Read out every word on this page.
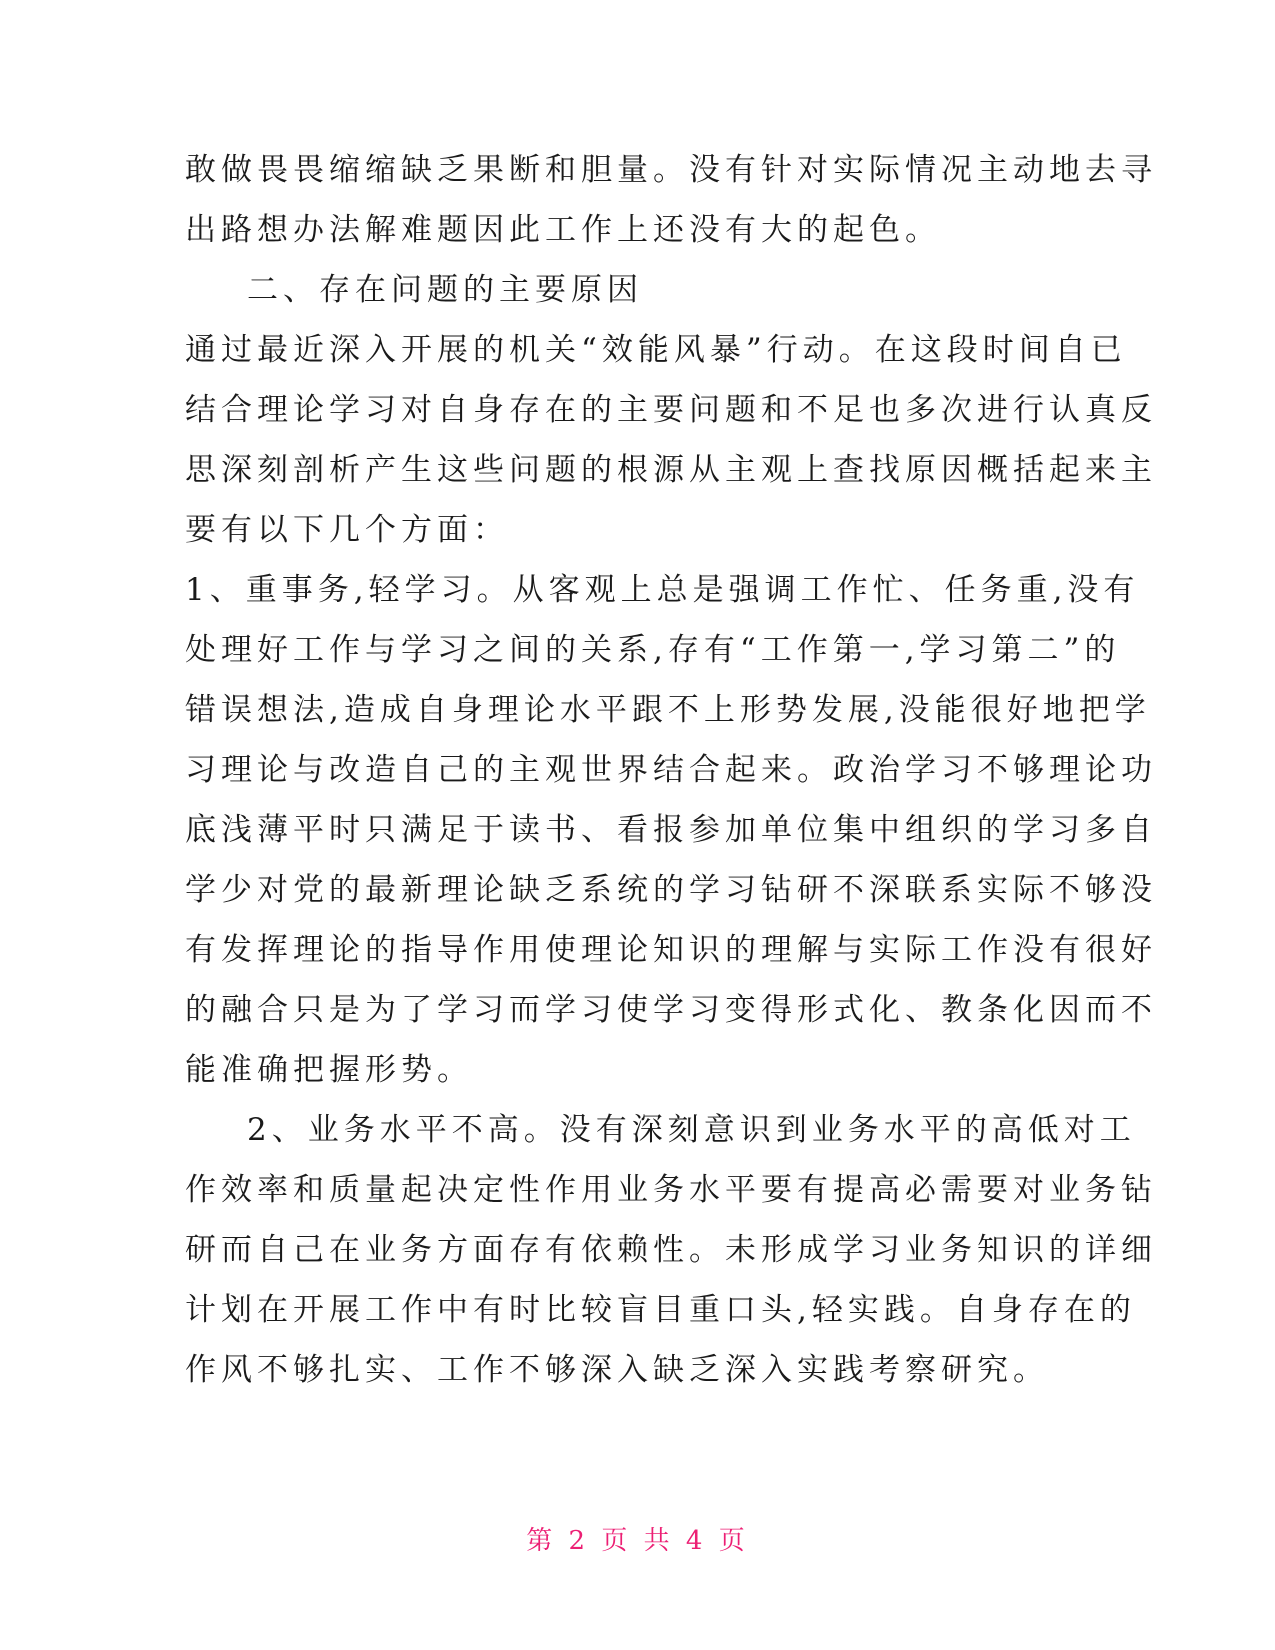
敢做畏畏缩缩缺乏果断和胆量。没有针对实际情况主动地去寻
出路想办法解难题因此工作上还没有大的起色。
二、存在问题的主要原因
通过最近深入开展的机关“效能风暴”行动。在这段时间自已
结合理论学习对自身存在的主要问题和不足也多次进行认真反
思深刻剖析产生这些问题的根源从主观上查找原因概括起来主
要有以下几个方面：
1、重事务,轻学习。从客观上总是强调工作忙、任务重,没有
处理好工作与学习之间的关系,存有“工作第一,学习第二”的
错误想法,造成自身理论水平跟不上形势发展,没能很好地把学
习理论与改造自己的主观世界结合起来。政治学习不够理论功
底浅薄平时只满足于读书、看报参加单位集中组织的学习多自
学少对党的最新理论缺乏系统的学习钻研不深联系实际不够没
有发挥理论的指导作用使理论知识的理解与实际工作没有很好
的融合只是为了学习而学习使学习变得形式化、教条化因而不
能准确把握形势。
2、业务水平不高。没有深刻意识到业务水平的高低对工
作效率和质量起决定性作用业务水平要有提高必需要对业务钻
研而自己在业务方面存有依赖性。未形成学习业务知识的详细
计划在开展工作中有时比较盲目重口头,轻实践。自身存在的
作风不够扎实、工作不够深入缺乏深入实践考察研究。
第 2 页 共 4 页
